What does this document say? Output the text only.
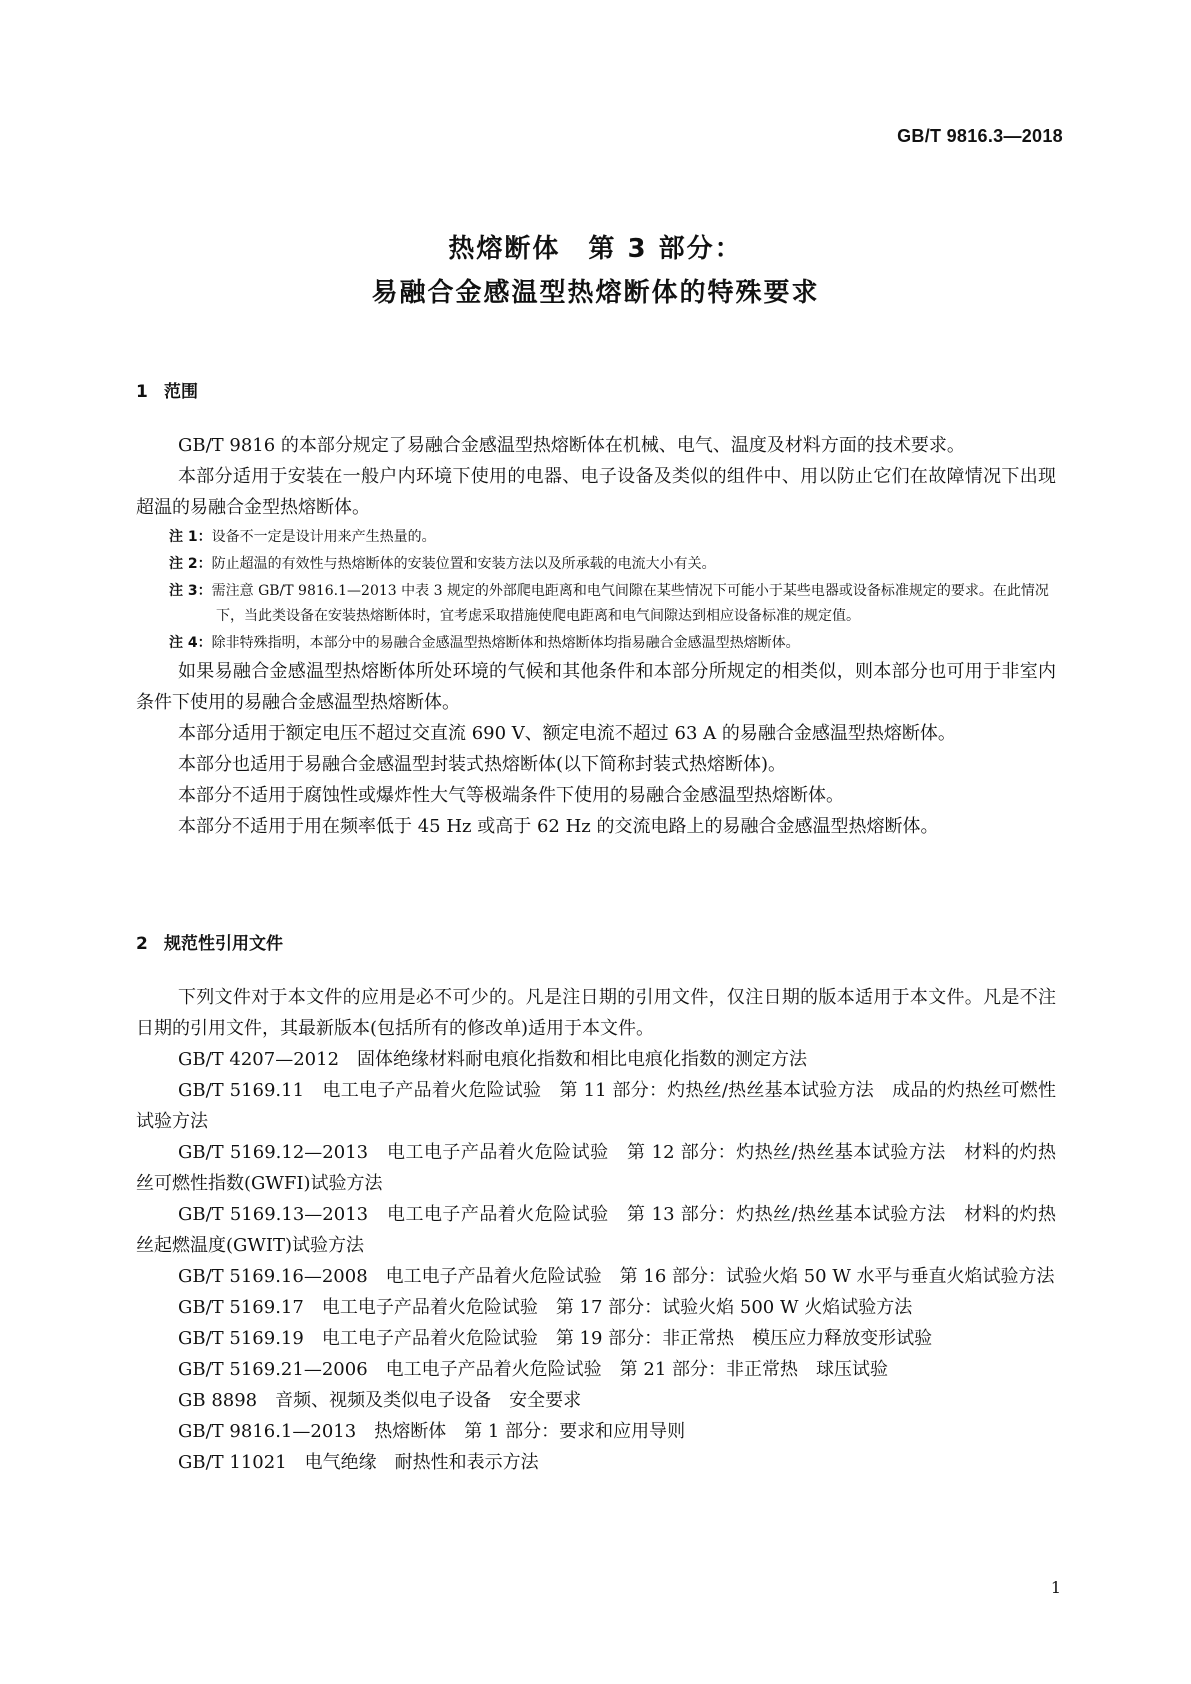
GB/T 9816.3—2018
热熔断体　第 3 部分：
易融合金感温型热熔断体的特殊要求
1 范围

GB/T 9816 的本部分规定了易融合金感温型热熔断体在机械、电气、温度及材料方面的技术要求。

本部分适用于安装在一般户内环境下使用的电器、电子设备及类似的组件中、用以防止它们在故障情况下出现超温的易融合金型热熔断体。

注 1：设备不一定是设计用来产生热量的。

注 2：防止超温的有效性与热熔断体的安装位置和安装方法以及所承载的电流大小有关。

注 3：需注意 GB/T 9816.1—2013 中表 3 规定的外部爬电距离和电气间隙在某些情况下可能小于某些电器或设备标准规定的要求。在此情况下，当此类设备在安装热熔断体时，宜考虑采取措施使爬电距离和电气间隙达到相应设备标准的规定值。

注 4：除非特殊指明，本部分中的易融合金感温型热熔断体和热熔断体均指易融合金感温型热熔断体。

如果易融合金感温型热熔断体所处环境的气候和其他条件和本部分所规定的相类似，则本部分也可用于非室内条件下使用的易融合金感温型热熔断体。

本部分适用于额定电压不超过交直流 690 V、额定电流不超过 63 A 的易融合金感温型热熔断体。

本部分也适用于易融合金感温型封装式热熔断体(以下简称封装式热熔断体)。

本部分不适用于腐蚀性或爆炸性大气等极端条件下使用的易融合金感温型热熔断体。

本部分不适用于用在频率低于 45 Hz 或高于 62 Hz 的交流电路上的易融合金感温型热熔断体。

2 规范性引用文件

下列文件对于本文件的应用是必不可少的。凡是注日期的引用文件，仅注日期的版本适用于本文件。凡是不注日期的引用文件，其最新版本(包括所有的修改单)适用于本文件。

GB/T 4207—2012　固体绝缘材料耐电痕化指数和相比电痕化指数的测定方法

GB/T 5169.11　电工电子产品着火危险试验　第 11 部分：灼热丝/热丝基本试验方法　成品的灼热丝可燃性试验方法

GB/T 5169.12—2013　电工电子产品着火危险试验　第 12 部分：灼热丝/热丝基本试验方法　材料的灼热丝可燃性指数(GWFI)试验方法

GB/T 5169.13—2013　电工电子产品着火危险试验　第 13 部分：灼热丝/热丝基本试验方法　材料的灼热丝起燃温度(GWIT)试验方法

GB/T 5169.16—2008　电工电子产品着火危险试验　第 16 部分：试验火焰 50 W 水平与垂直火焰试验方法

GB/T 5169.17　电工电子产品着火危险试验　第 17 部分：试验火焰 500 W 火焰试验方法

GB/T 5169.19　电工电子产品着火危险试验　第 19 部分：非正常热　模压应力释放变形试验

GB/T 5169.21—2006　电工电子产品着火危险试验　第 21 部分：非正常热　球压试验

GB 8898　音频、视频及类似电子设备　安全要求

GB/T 9816.1—2013　热熔断体　第 1 部分：要求和应用导则

GB/T 11021　电气绝缘　耐热性和表示方法

1
